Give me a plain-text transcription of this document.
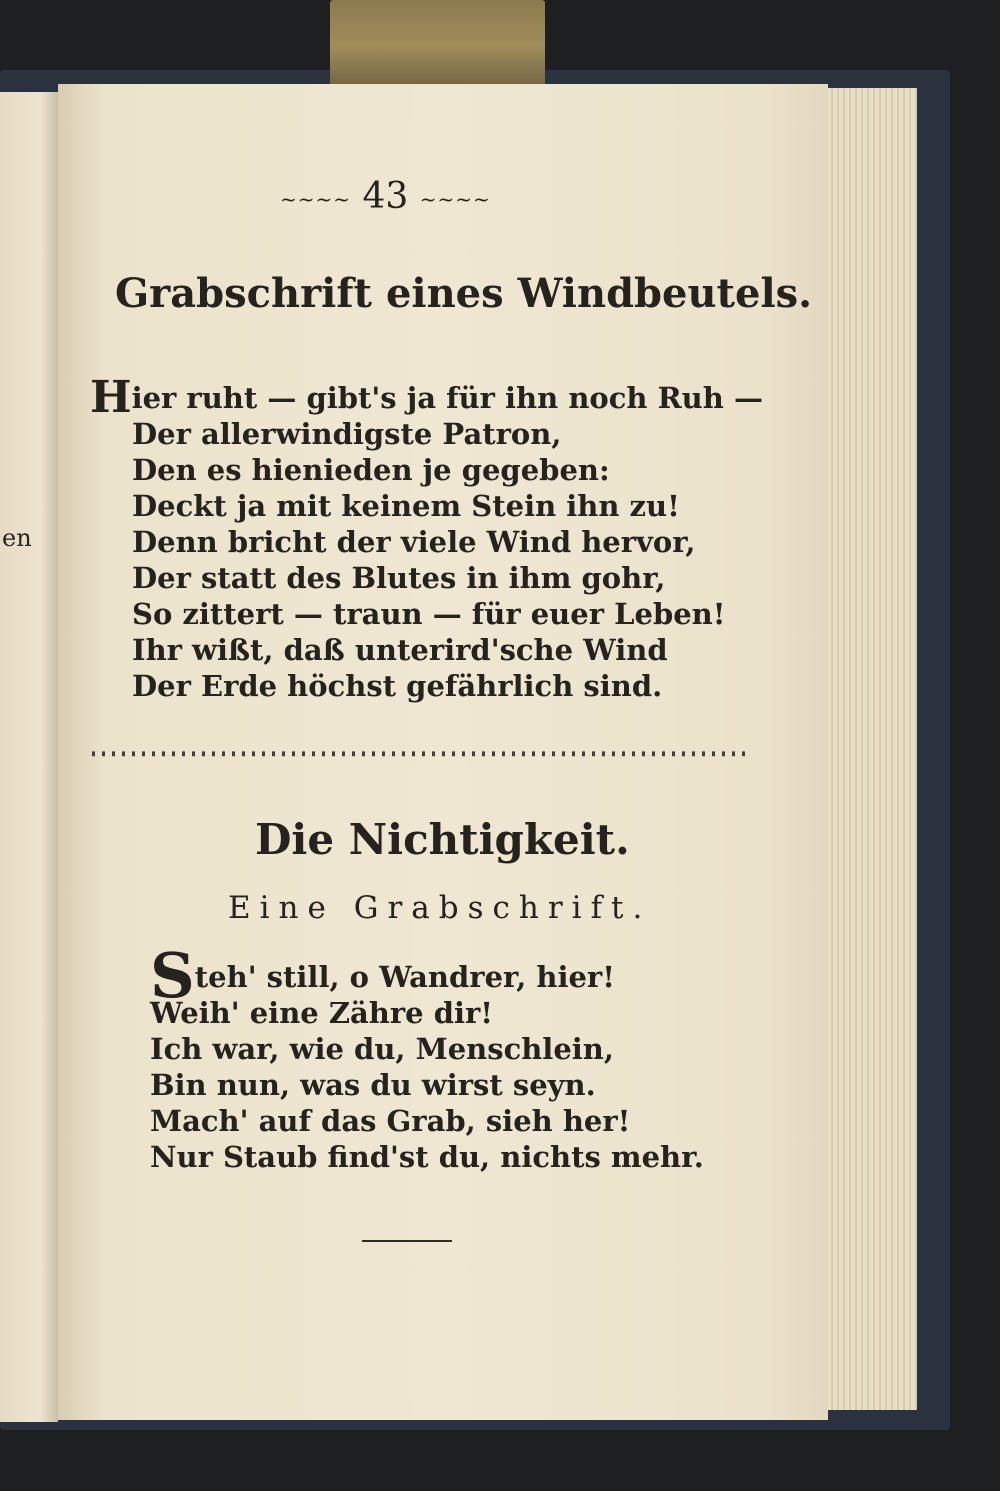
en
~~~~ 43 ~~~~
Grabschrift eines Windbeutels.
Hier ruht — gibt's ja für ihn noch Ruh —
Der allerwindigste Patron,
Den es hienieden je gegeben:
Deckt ja mit keinem Stein ihn zu!
Denn bricht der viele Wind hervor,
Der statt des Blutes in ihm gohr,
So zittert — traun — für euer Leben!
Ihr wißt, daß unterird'sche Wind
Der Erde höchst gefährlich sind.
Die Nichtigkeit.
Eine Grabschrift.
Steh' still, o Wandrer, hier!
Weih' eine Zähre dir!
Ich war, wie du, Menschlein,
Bin nun, was du wirst seyn.
Mach' auf das Grab, sieh her!
Nur Staub find'st du, nichts mehr.
